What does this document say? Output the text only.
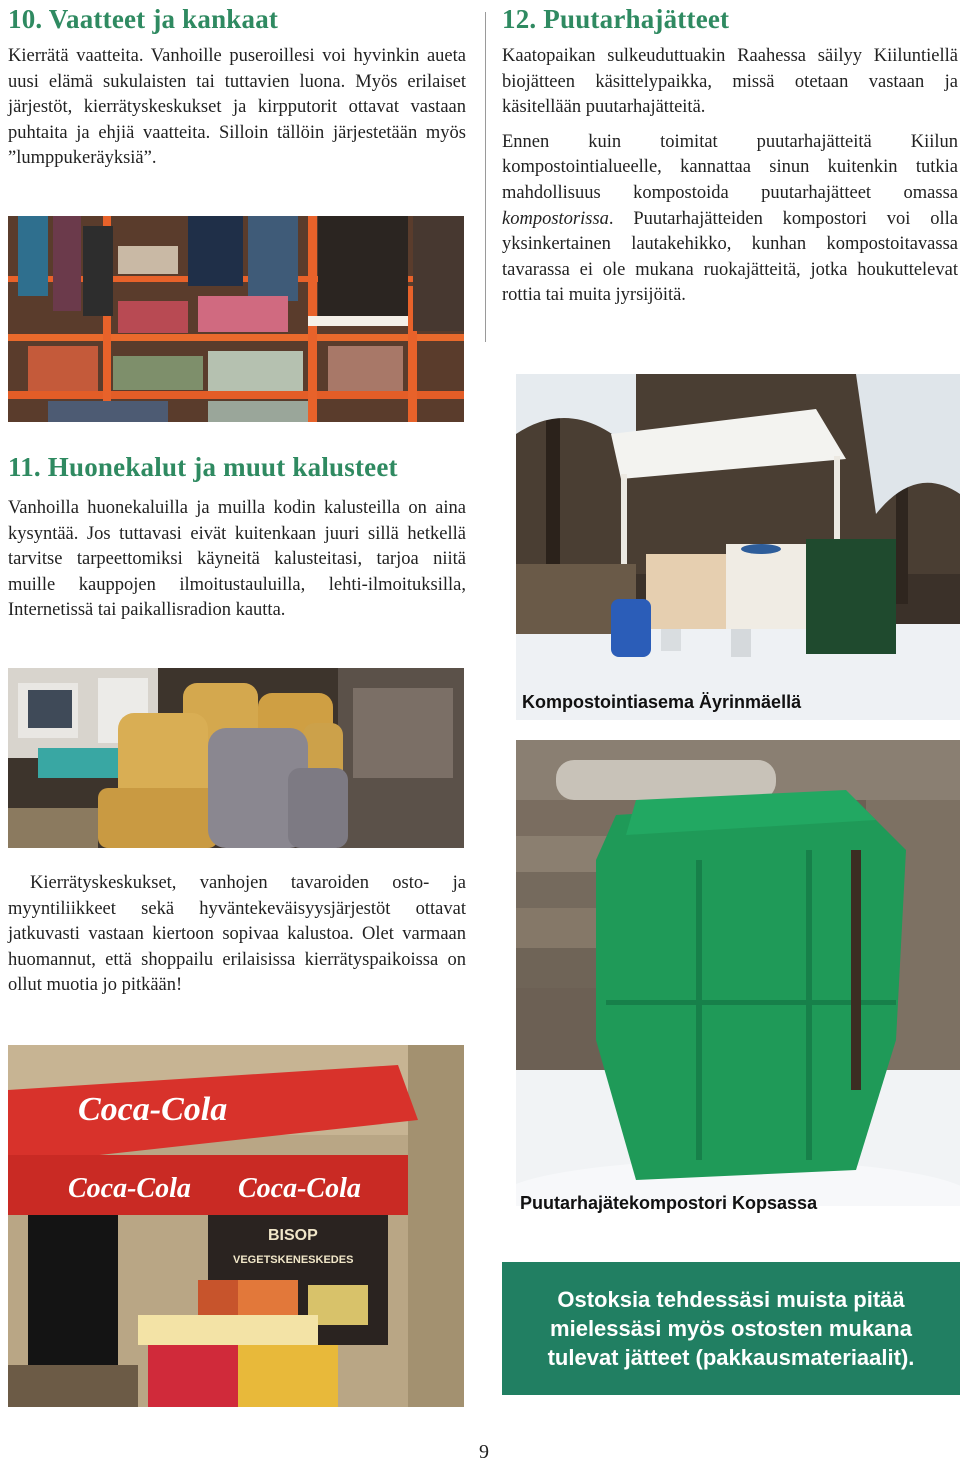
10. Vaatteet ja kankaat

Kierrätä vaatteita. Vanhoille puseroillesi voi hyvinkin aueta uusi elämä sukulaisten tai tuttavien luona. Myös erilaiset järjestöt, kierrätyskeskukset ja kirpputorit ottavat vastaan puhtaita ja ehjiä vaatteita. Silloin tällöin järjestetään myös ”lumppukeräyksiä”.

11. Huonekalut ja muut kalusteet

Vanhoilla huonekaluilla ja muilla kodin kalusteilla on aina kysyntää. Jos tuttavasi eivät kuitenkaan juuri sillä hetkellä tarvitse tarpeettomiksi käyneitä kalusteitasi, tarjoa niitä muille kauppojen ilmoitustauluilla, lehti-ilmoituksilla, Internetissä tai paikallisradion kautta.

Kierrätyskeskukset, vanhojen tavaroiden osto- ja myyntiliikkeet sekä hyväntekeväisyysjärjestöt ottavat jatkuvasti vastaan kiertoon sopivaa kalustoa. Olet varmaan huomannut, että shoppailu erilaisissa kierrätyspaikoissa on ollut muotia jo pitkään!

Coca-Cola
Coca-Cola Coca-Cola
BISOP
VEGETSKENESKEDES
12. Puutarhajätteet

Kaatopaikan sulkeuduttuakin Raahessa säilyy Kiiluntiellä biojätteen käsittelypaikka, missä otetaan vastaan ja käsitellään puutarhajätteitä.

Ennen kuin toimitat puutarhajätteitä Kiilun kompostointialueelle, kannattaa sinun kuitenkin tutkia mahdollisuus kompostoida puutarhajätteet omassa kompostorissa. Puutarhajätteiden kompostori voi olla yksinkertainen lautakehikko, kunhan kompostoitavassa tavarassa ei ole mukana ruokajätteitä, jotka houkuttelevat rottia tai muita jyrsijöitä.

Kompostointiasema Äyrinmäellä
Puutarhajätekompostori Kopsassa
Ostoksia tehdessäsi muista pitää mielessäsi myös ostosten mukana tulevat jätteet (pakkausmateriaalit).
9
